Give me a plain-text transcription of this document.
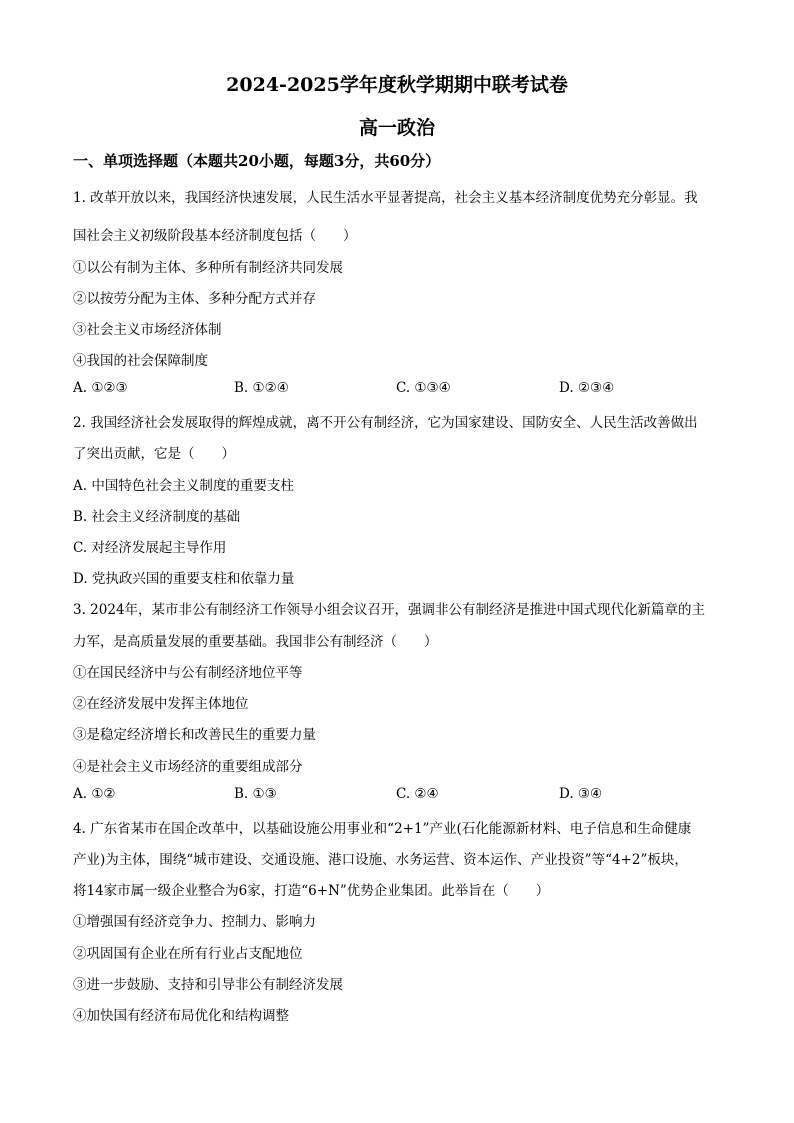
2024-2025学年度秋学期期中联考试卷
高一政治
一、单项选择题（本题共20小题，每题3分，共60分）
1. 改革开放以来，我国经济快速发展，人民生活水平显著提高，社会主义基本经济制度优势充分彰显。我
国社会主义初级阶段基本经济制度包括（　　）
①以公有制为主体、多种所有制经济共同发展
②以按劳分配为主体、多种分配方式并存
③社会主义市场经济体制
④我国的社会保障制度
A. ①②③	B. ①②④	C. ①③④	D. ②③④
2. 我国经济社会发展取得的辉煌成就，离不开公有制经济，它为国家建设、国防安全、人民生活改善做出
了突出贡献，它是（　　）
A. 中国特色社会主义制度的重要支柱
B. 社会主义经济制度的基础
C. 对经济发展起主导作用
D. 党执政兴国的重要支柱和依靠力量
3. 2024年，某市非公有制经济工作领导小组会议召开，强调非公有制经济是推进中国式现代化新篇章的主
力军，是高质量发展的重要基础。我国非公有制经济（　　）
①在国民经济中与公有制经济地位平等
②在经济发展中发挥主体地位
③是稳定经济增长和改善民生的重要力量
④是社会主义市场经济的重要组成部分
A. ①②	B. ①③	C. ②④	D. ③④
4. 广东省某市在国企改革中，以基础设施公用事业和“2+1”产业(石化能源新材料、电子信息和生命健康
产业)为主体，围绕“城市建设、交通设施、港口设施、水务运营、资本运作、产业投资”等“4+2”板块，
将14家市属一级企业整合为6家，打造“6+N”优势企业集团。此举旨在（　　）
①增强国有经济竞争力、控制力、影响力
②巩固国有企业在所有行业占支配地位
③进一步鼓励、支持和引导非公有制经济发展
④加快国有经济布局优化和结构调整
